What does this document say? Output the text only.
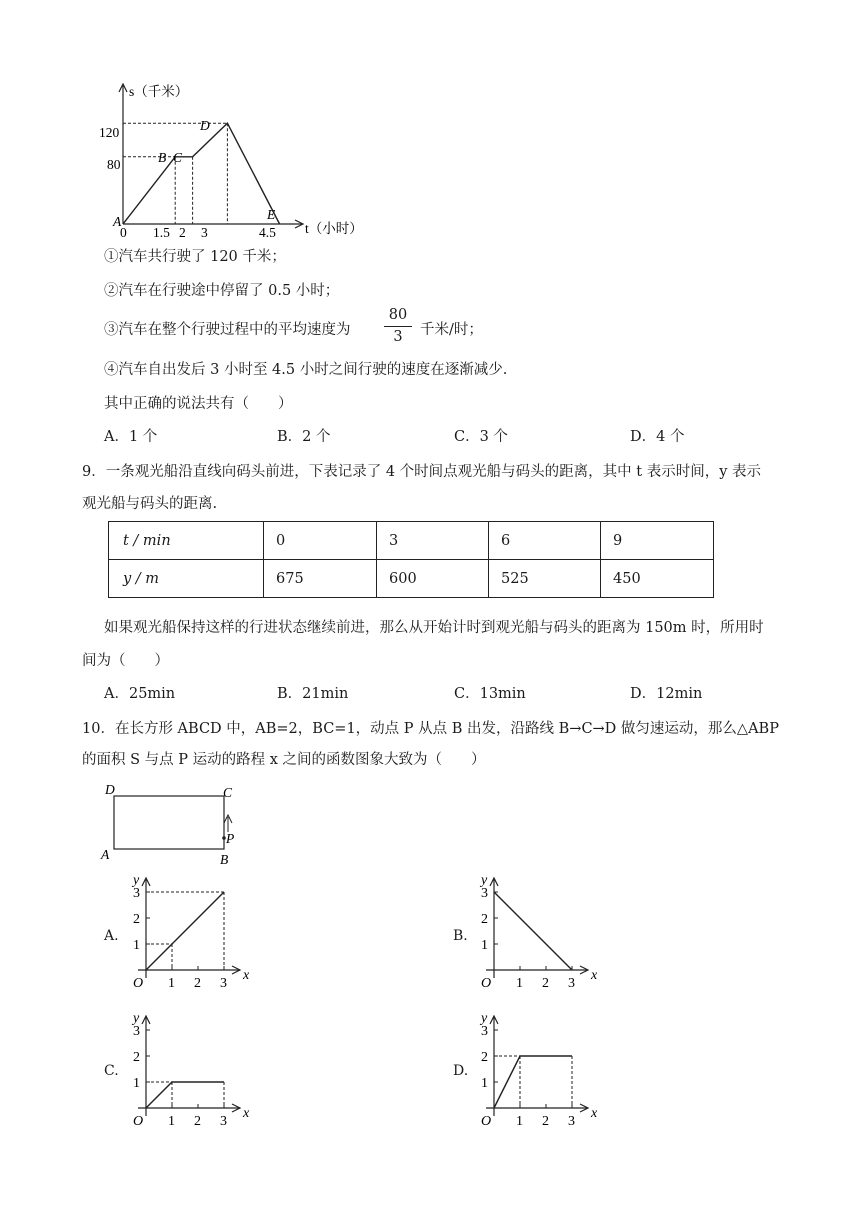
s（千米）
t（小时）
120
80
0 1.5 2 3	4.5
A
B C
D
E
①汽车共行驶了 120 千米；
②汽车在行驶途中停留了 0.5 小时；
③汽车在整个行驶过程中的平均速度为 $\frac{80}{3}$ 千米/时；
④汽车自出发后 3 小时至 4.5 小时之间行驶的速度在逐渐减少.
其中正确的说法共有（　　）
A．1 个	B．2 个	C．3 个	D．4 个
9．一条观光船沿直线向码头前进，下表记录了 4 个时间点观光船与码头的距离，其中 t 表示时间，y 表示
观光船与码头的距离.
t / min	0	3	6	9
y / m	675	600	525	450
如果观光船保持这样的行进状态继续前进，那么从开始计时到观光船与码头的距离为 150m 时，所用时
间为（　　）
A．25min	B．21min	C．13min	D．12min
10．在长方形 ABCD 中，AB=2，BC=1，动点 P 从点 B 出发，沿路线 B→C→D 做匀速运动，那么△ABP
的面积 S 与点 P 运动的路程 x 之间的函数图象大致为（　　）
D	C
A	B
P
A.	B.
C.	D.
1
1
2
2
3
3
O
x
y
1
1
2
2
3
3
O
x
y
1
1
2
2
3
3
O
x
y
1
1
2
2
3
3
O
x
y
